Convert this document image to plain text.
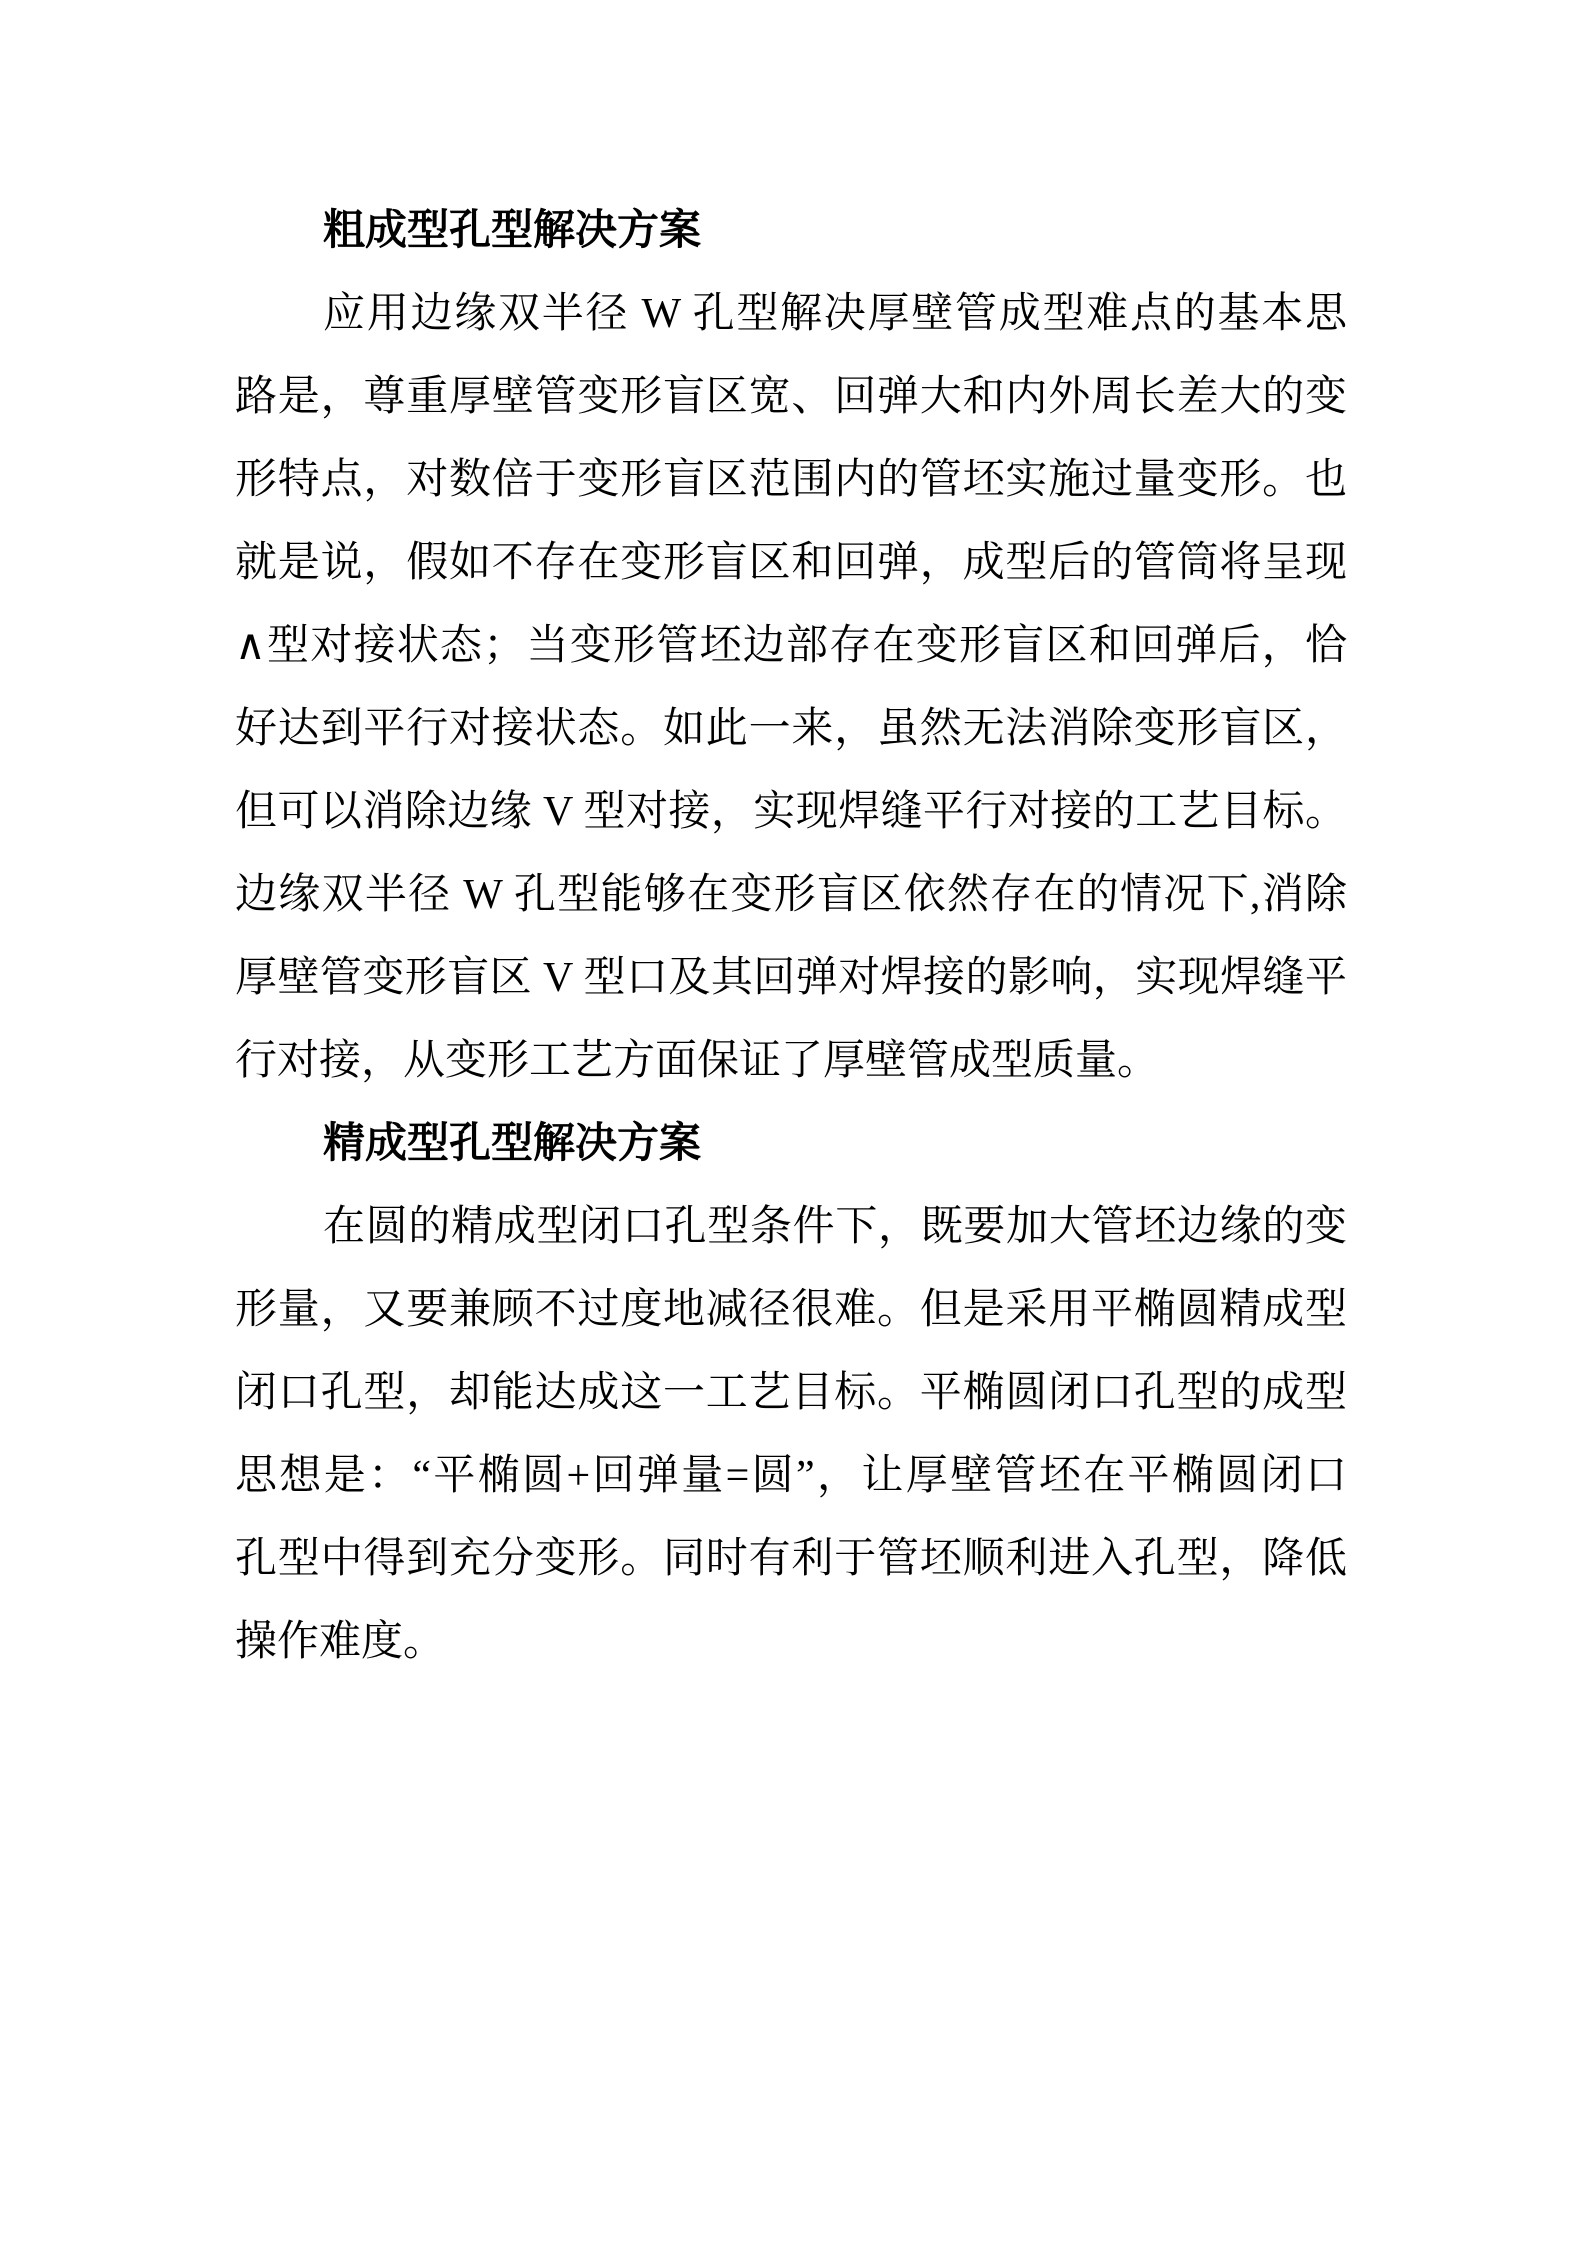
粗成型孔型解决方案
应用边缘双半径 W 孔型解决厚壁管成型难点的基本思
路是，尊重厚壁管变形盲区宽、回弹大和内外周长差大的变
形特点，对数倍于变形盲区范围内的管坯实施过量变形。也
就是说，假如不存在变形盲区和回弹，成型后的管筒将呈现
∧型对接状态；当变形管坯边部存在变形盲区和回弹后，恰
好达到平行对接状态。如此一来，虽然无法消除变形盲区，
但可以消除边缘 V 型对接，实现焊缝平行对接的工艺目标。
边缘双半径 W 孔型能够在变形盲区依然存在的情况下,消除
厚壁管变形盲区 V 型口及其回弹对焊接的影响，实现焊缝平
行对接，从变形工艺方面保证了厚壁管成型质量。
精成型孔型解决方案
在圆的精成型闭口孔型条件下，既要加大管坯边缘的变
形量，又要兼顾不过度地减径很难。但是采用平椭圆精成型
闭口孔型，却能达成这一工艺目标。平椭圆闭口孔型的成型
思想是：“平椭圆+回弹量=圆”，让厚壁管坯在平椭圆闭口
孔型中得到充分变形。同时有利于管坯顺利进入孔型，降低
操作难度。
